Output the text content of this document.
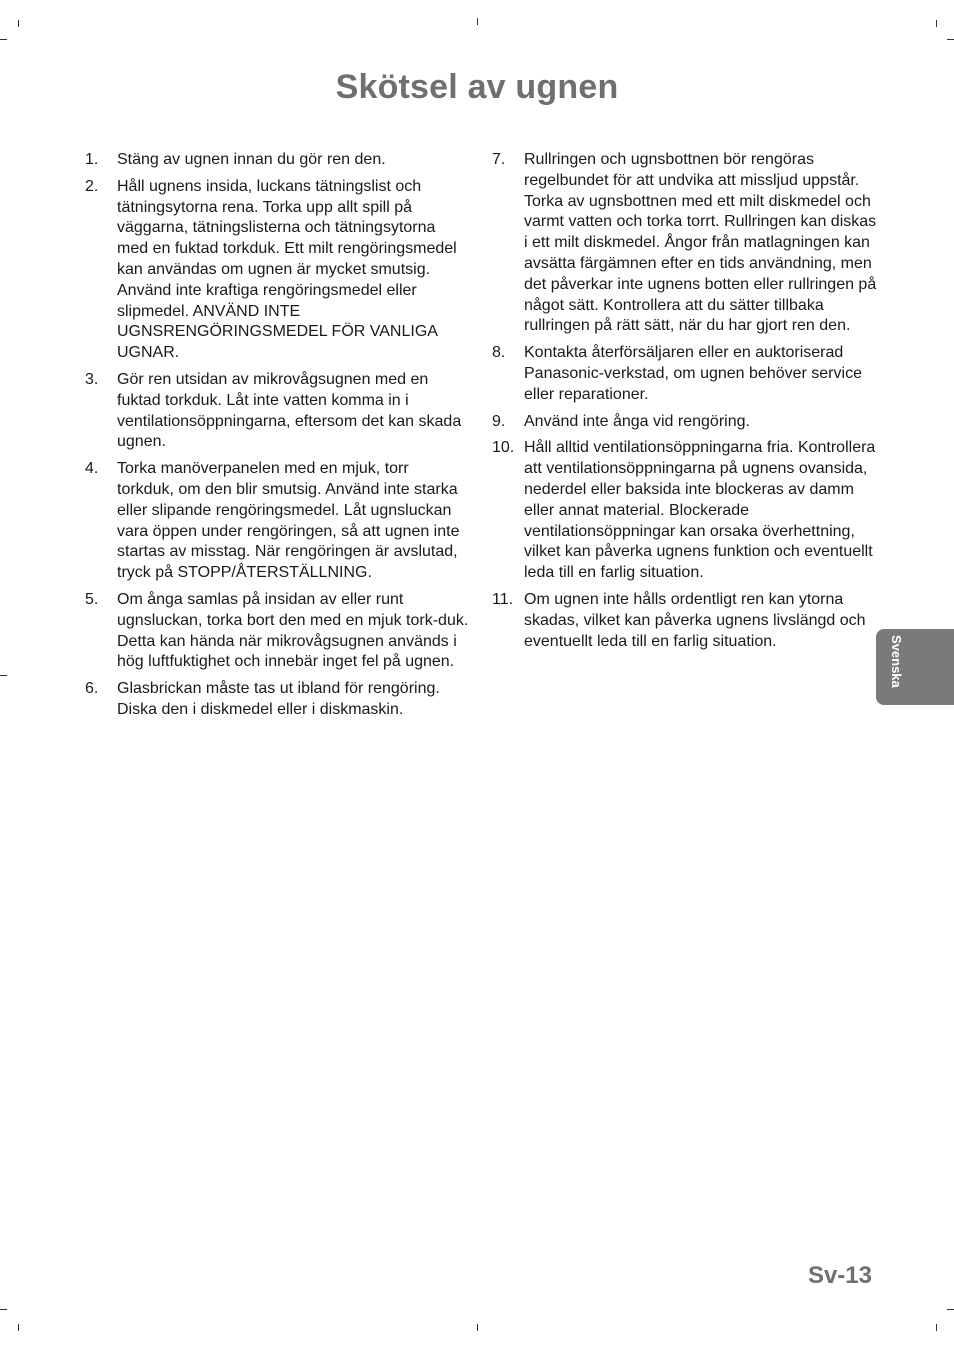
Skötsel av ugnen
1. Stäng av ugnen innan du gör ren den.
2. Håll ugnens insida, luckans tätningslist och tätningsytorna rena. Torka upp allt spill på väggarna, tätningslisterna och tätningsytorna med en fuktad torkduk. Ett milt rengöringsmedel kan användas om ugnen är mycket smutsig. Använd inte kraftiga rengöringsmedel eller slipmedel. ANVÄND INTE UGNSRENGÖRINGSMEDEL FÖR VANLIGA UGNAR.
3. Gör ren utsidan av mikrovågsugnen med en fuktad torkduk. Låt inte vatten komma in i ventilationsöppningarna, eftersom det kan skada ugnen.
4. Torka manöverpanelen med en mjuk, torr torkduk, om den blir smutsig. Använd inte starka eller slipande rengöringsmedel. Låt ugnsluckan vara öppen under rengöringen, så att ugnen inte startas av misstag. När rengöringen är avslutad, tryck på STOPP/ÅTERSTÄLLNING.
5. Om ånga samlas på insidan av eller runt ugnsluckan, torka bort den med en mjuk tork-duk. Detta kan hända när mikrovågsugnen används i hög luftfuktighet och innebär inget fel på ugnen.
6. Glasbrickan måste tas ut ibland för rengöring. Diska den i diskmedel eller i diskmaskin.
7. Rullringen och ugnsbottnen bör rengöras regelbundet för att undvika att missljud uppstår. Torka av ugnsbottnen med ett milt diskmedel och varmt vatten och torka torrt. Rullringen kan diskas i ett milt diskmedel. Ångor från matlagningen kan avsätta färgämnen efter en tids användning, men det påverkar inte ugnens botten eller rullringen på något sätt. Kontrollera att du sätter tillbaka rullringen på rätt sätt, när du har gjort ren den.
8. Kontakta återförsäljaren eller en auktoriserad Panasonic-verkstad, om ugnen behöver service eller reparationer.
9. Använd inte ånga vid rengöring.
10. Håll alltid ventilationsöppningarna fria. Kontrollera att ventilationsöppningarna på ugnens ovansida, nederdel eller baksida inte blockeras av damm eller annat material. Blockerade ventilationsöppningar kan orsaka överhettning, vilket kan påverka ugnens funktion och eventuellt leda till en farlig situation.
11. Om ugnen inte hålls ordentligt ren kan ytorna skadas, vilket kan påverka ugnens livslängd och eventuellt leda till en farlig situation.	Svenska
Sv-13
